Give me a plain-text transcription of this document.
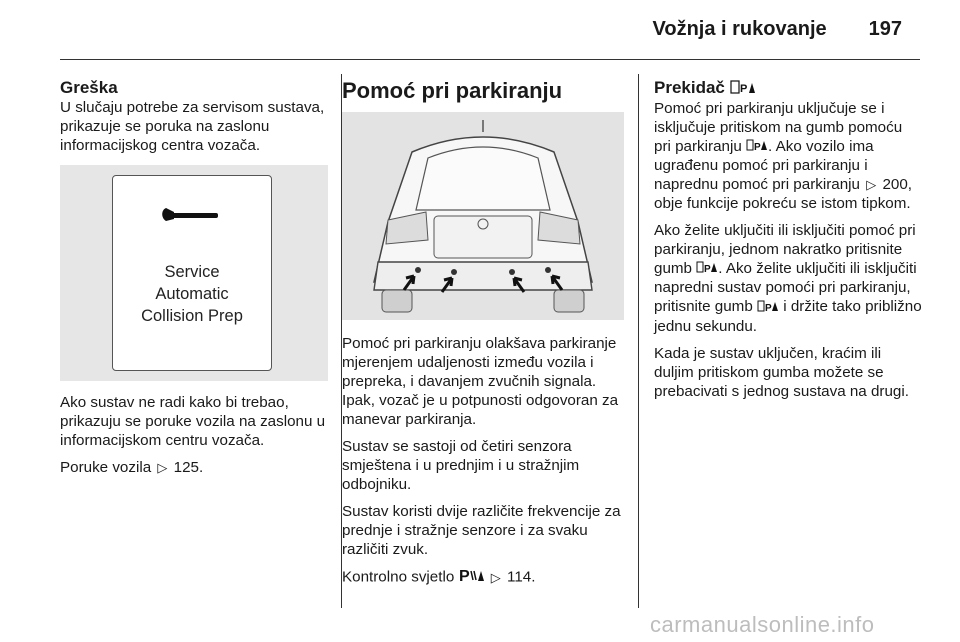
Vožnja i rukovanje 197
Greška

U slučaju potrebe za servisom sustava, prikazuje se poruka na zaslonu informacijskog centra vozača.

Service
Automatic
Collision Prep

Ako sustav ne radi kako bi trebao, prikazuju se poruke vozila na zaslonu u informacijskom centru vozača.

Poruke vozila ▷ 125.

Pomoć pri parkiranju

Pomoć pri parkiranju olakšava parkiranje mjerenjem udaljenosti između vozila i prepreka, i davanjem zvučnih signala. Ipak, vozač je u potpunosti odgovoran za manevar parkiranja.

Sustav se sastoji od četiri senzora smještena i u prednjim i u stražnjim odbojniku.

Sustav koristi dvije različite frekvencije za prednje i stražnje senzore i za svaku različiti zvuk.

Kontrolno svjetlo P ▷ 114.

Prekidač P

Pomoć pri parkiranju uključuje se i isključuje pritiskom na gumb pomoću pri parkiranju P . Ako vozilo ima ugrađenu pomoć pri parkiranju i naprednu pomoć pri parkiranju ▷ 200, obje funkcije pokreću se istom tipkom.

Ako želite uključiti ili isključiti pomoć pri parkiranju, jednom nakratko pritisnite gumb P . Ako želite uključiti ili isključiti napredni sustav pomoći pri parkiranju, pritisnite gumb P i držite tako približno jednu sekundu.

Kada je sustav uključen, kraćim ili duljim pritiskom gumba možete se prebacivati s jednog sustava na drugi.

carmanualsonline.info
